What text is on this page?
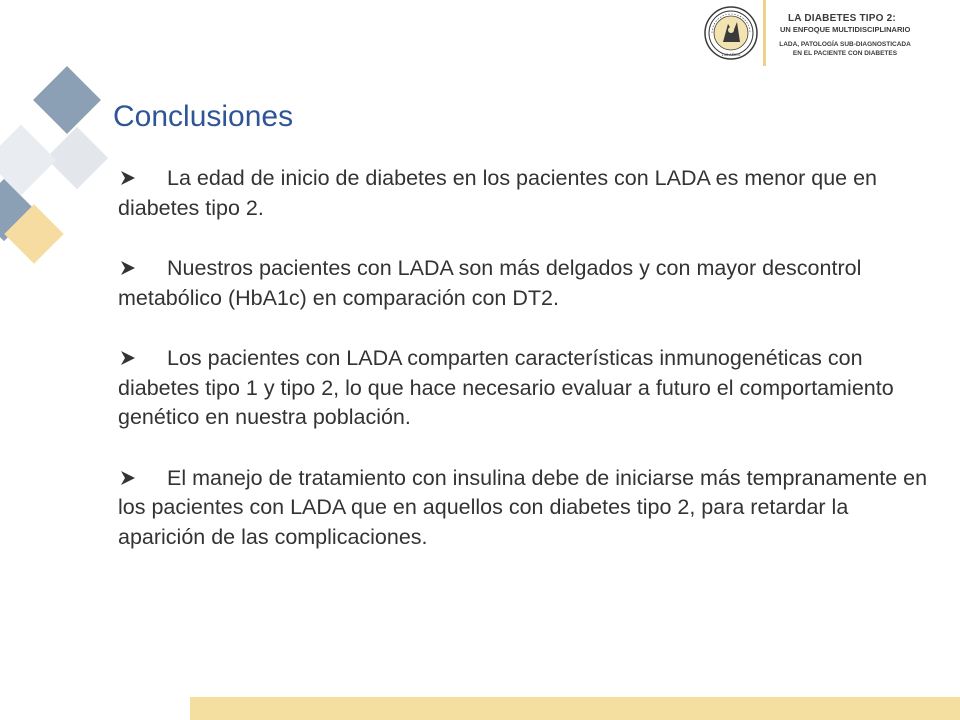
150 AÑOS
LA DIABETES TIPO 2:
UN ENFOQUE MULTIDISCIPLINARIO
LADA, PATOLOGÍA SUB-DIAGNOSTICADA
EN EL PACIENTE CON DIABETES
Conclusiones
La edad de inicio de diabetes en los pacientes con LADA es menor que en diabetes tipo 2.
Nuestros pacientes con LADA son más delgados y con mayor descontrol metabólico (HbA1c) en comparación con DT2.
Los pacientes con LADA comparten características inmunogenéticas con diabetes tipo 1 y tipo 2, lo que hace necesario evaluar a futuro el comportamiento genético en nuestra población.
El manejo de tratamiento con insulina debe de iniciarse más tempranamente en los pacientes con LADA que en aquellos con diabetes tipo 2, para retardar la aparición de las complicaciones.
